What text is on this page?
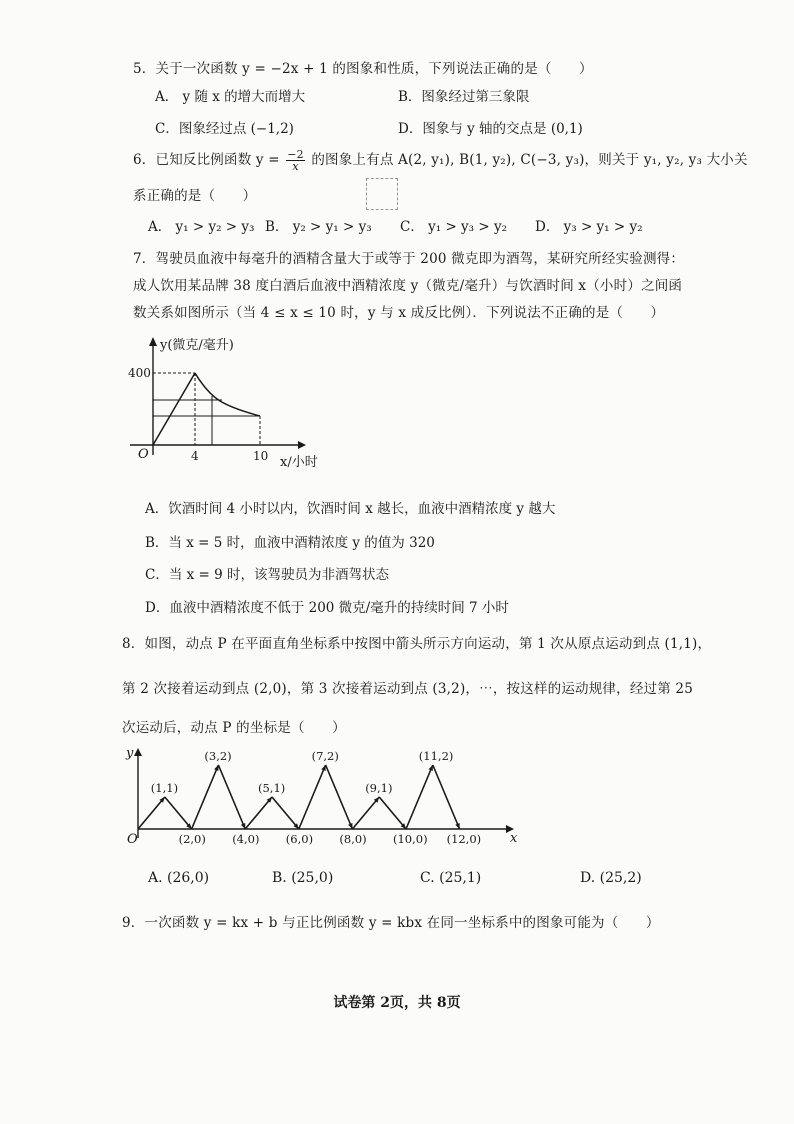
5．关于一次函数 y = −2x + 1 的图象和性质，下列说法正确的是（　　）
A． y 随 x 的增大而增大	B．图象经过第三象限
C．图象经过点 (−1,2)	D．图象与 y 轴的交点是 (0,1)
6．已知反比例函数 $y = \frac{-2}{x}$ 的图象上有点 A(2, y₁), B(1, y₂), C(−3, y₃)，则关于 y₁, y₂, y₃ 大小关
系正确的是（　　）
A． y₁ > y₂ > y₃ B． y₂ > y₁ > y₃ C． y₁ > y₃ > y₂ D． y₃ > y₁ > y₂
7．驾驶员血液中每毫升的酒精含量大于或等于 200 微克即为酒驾，某研究所经实验测得：
成人饮用某品牌 38 度白酒后血液中酒精浓度 y（微克/毫升）与饮酒时间 x（小时）之间函
数关系如图所示（当 4 ≤ x ≤ 10 时，y 与 x 成反比例）．下列说法不正确的是（　　）
y(微克/毫升)
400
O	4	10 x/小时
A．饮酒时间 4 小时以内，饮酒时间 x 越长，血液中酒精浓度 y 越大
B．当 x = 5 时，血液中酒精浓度 y 的值为 320
C．当 x = 9 时，该驾驶员为非酒驾状态
D．血液中酒精浓度不低于 200 微克/毫升的持续时间 7 小时
8．如图，动点 P 在平面直角坐标系中按图中箭头所示方向运动，第 1 次从原点运动到点 (1,1)，
第 2 次接着运动到点 (2,0)，第 3 次接着运动到点 (3,2)，⋯，按这样的运动规律，经过第 25
次运动后，动点 P 的坐标是（　　）
y
x
O
(1,1)
(3,2)
(5,1)
(7,2)
(9,1)
(11,2)
(2,0) (4,0) (6,0) (8,0) (10,0) (12,0)
A. (26,0)	B. (25,0)	C. (25,1)	D. (25,2)
9．一次函数 y = kx + b 与正比例函数 y = kbx 在同一坐标系中的图象可能为（　　）
试卷第 2页，共 8页
